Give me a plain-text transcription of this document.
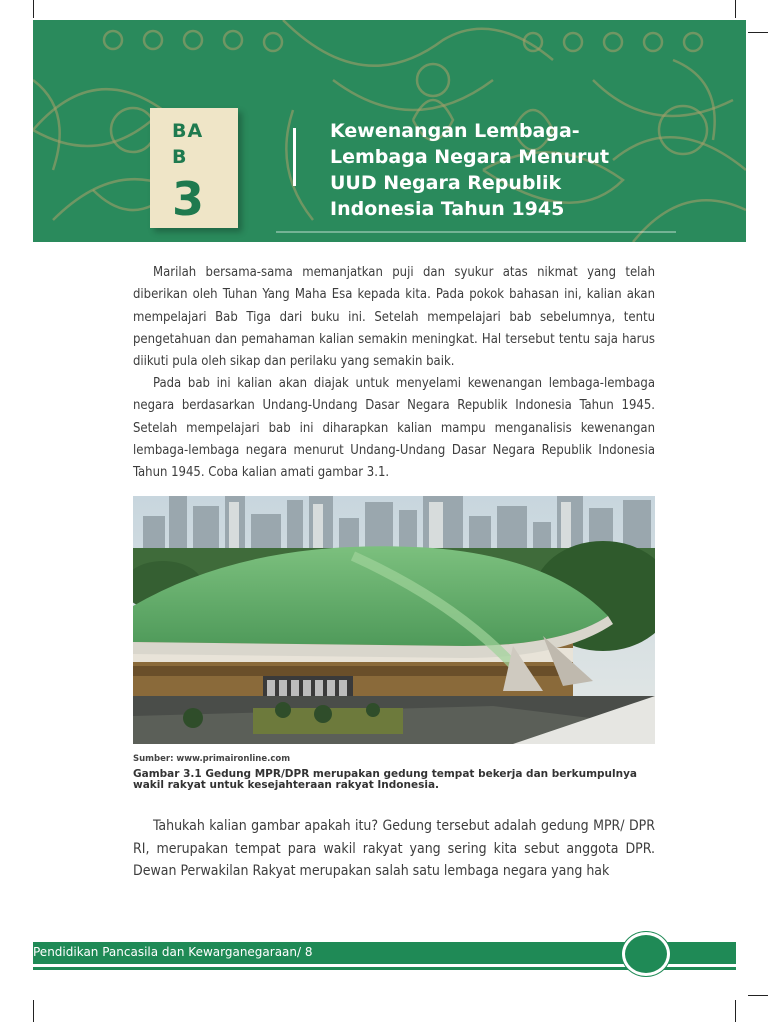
Kewenangan Lembaga-Lembaga Negara Menurut UUD Negara Republik Indonesia Tahun 1945
BAB
3

Marilah bersama-sama memanjatkan puji dan syukur atas nikmat yang telah diberikan oleh Tuhan Yang Maha Esa kepada kita. Pada pokok bahasan ini, kalian akan mempelajari Bab Tiga dari buku ini. Setelah mempelajari bab sebelumnya, tentu pengetahuan dan pemahaman kalian semakin meningkat. Hal tersebut tentu saja harus diikuti pula oleh sikap dan perilaku yang semakin baik.

Pada bab ini kalian akan diajak untuk menyelami kewenangan lembaga-lembaga negara berdasarkan Undang-Undang Dasar Negara Republik Indonesia Tahun 1945. Setelah mempelajari bab ini diharapkan kalian mampu menganalisis kewenangan lembaga-lembaga negara menurut Undang-Undang Dasar Negara Republik Indonesia Tahun 1945. Coba kalian amati gambar 3.1.

Sumber: www.primaironline.com
Gambar 3.1 Gedung MPR/DPR merupakan gedung tempat bekerja dan berkumpulnya wakil rakyat untuk kesejahteraan rakyat Indonesia.

Tahukah kalian gambar apakah itu? Gedung tersebut adalah gedung MPR/ DPR RI, merupakan tempat para wakil rakyat yang sering kita sebut anggota DPR. Dewan Perwakilan Rakyat merupakan salah satu lembaga negara yang hak

Pendidikan Pancasila dan Kewarganegaraan/ 8
